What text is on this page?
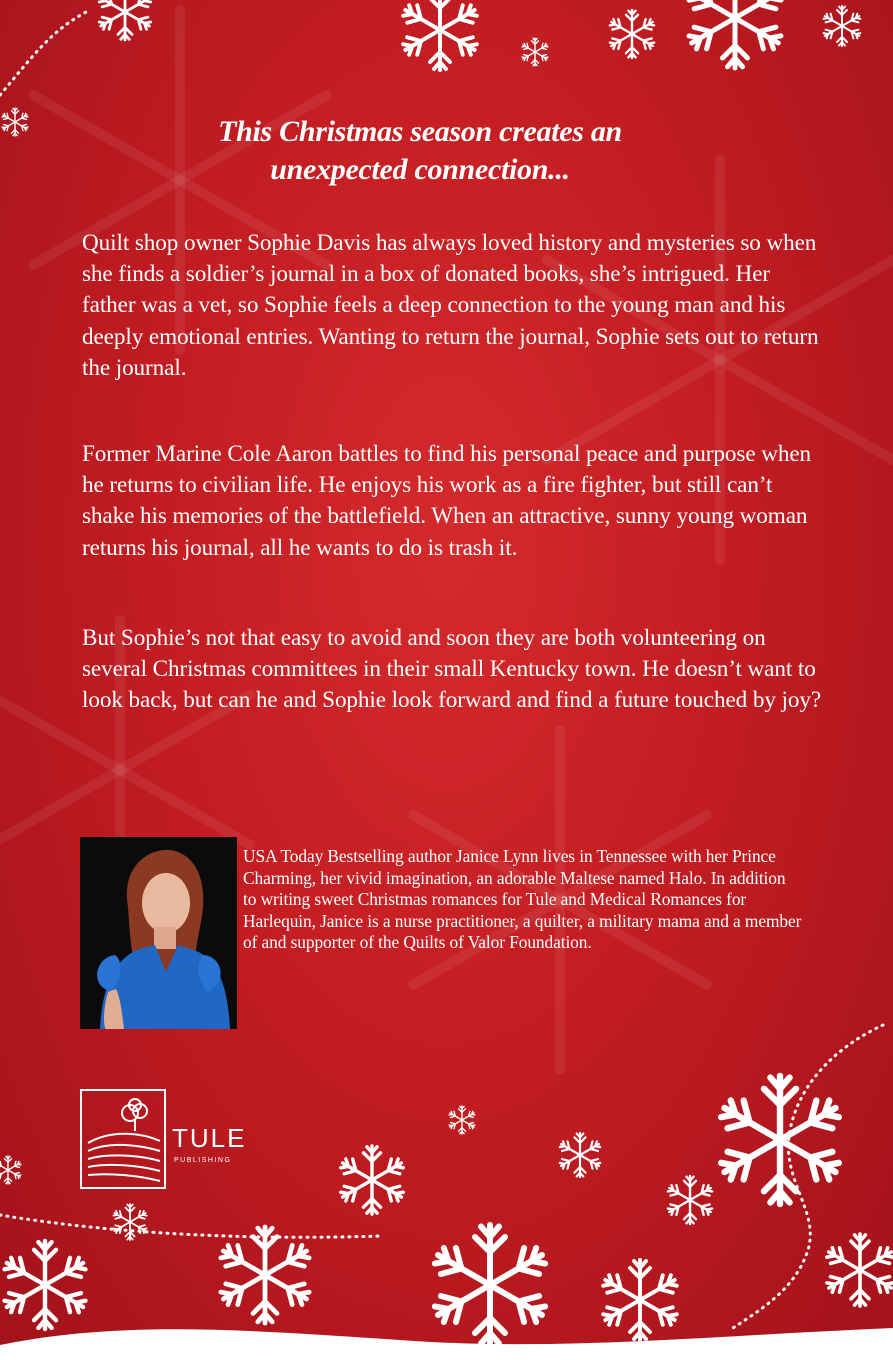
This Christmas season creates an
unexpected connection...

Quilt shop owner Sophie Davis has always loved history and mysteries so when she finds a soldier’s journal in a box of donated books, she’s intrigued. Her father was a vet, so Sophie feels a deep connection to the young man and his deeply emotional entries. Wanting to return the journal, Sophie sets out to return the journal.

Former Marine Cole Aaron battles to find his personal peace and purpose when he returns to civilian life. He enjoys his work as a fire fighter, but still can’t shake his memories of the battlefield. When an attractive, sunny young woman returns his journal, all he wants to do is trash it.

But Sophie’s not that easy to avoid and soon they are both volunteering on several Christmas committees in their small Kentucky town. He doesn’t want to look back, but can he and Sophie look forward and find a future touched by joy?

USA Today Bestselling author Janice Lynn lives in Tennessee with her Prince Charming, her vivid imagination, an adorable Maltese named Halo. In addition to writing sweet Christmas romances for Tule and Medical Romances for Harlequin, Janice is a nurse practitioner, a quilter, a military mama and a member of and supporter of the Quilts of Valor Foundation.

TULE
PUBLISHING
